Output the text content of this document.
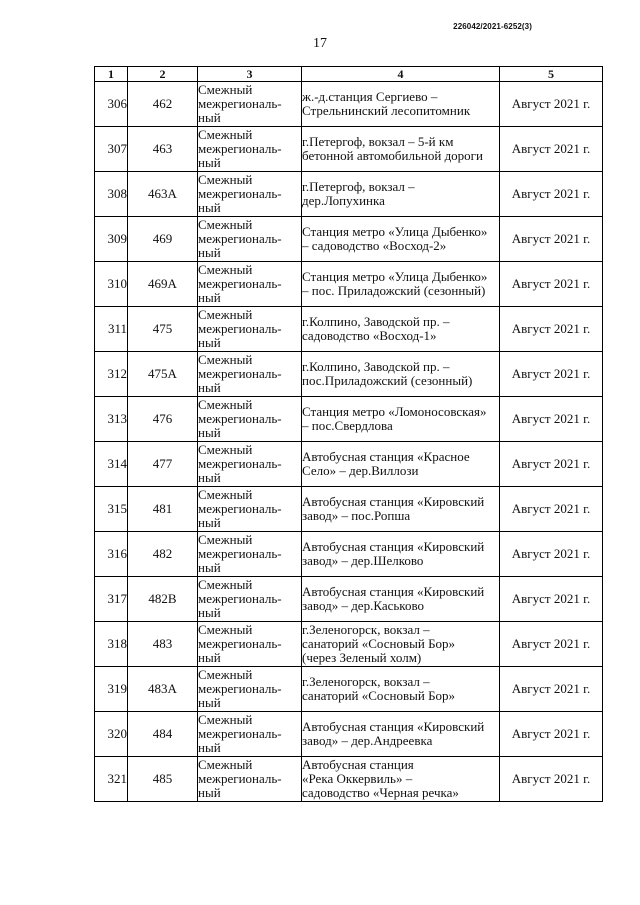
226042/2021-6252(3)
17
1	2	3	4	5
306	462	Смежный
межрегиональ-
ный	ж.-д.станция Сергиево –
Стрельнинский лесопитомник	Август 2021 г.
307	463	Смежный
межрегиональ-
ный	г.Петергоф, вокзал – 5-й км
бетонной автомобильной дороги	Август 2021 г.
308	463А	Смежный
межрегиональ-
ный	г.Петергоф, вокзал –
дер.Лопухинка	Август 2021 г.
309	469	Смежный
межрегиональ-
ный	Станция метро «Улица Дыбенко»
– садоводство «Восход-2»	Август 2021 г.
310	469А	Смежный
межрегиональ-
ный	Станция метро «Улица Дыбенко»
– пос. Приладожский (сезонный)	Август 2021 г.
311	475	Смежный
межрегиональ-
ный	г.Колпино, Заводской пр. –
садоводство «Восход-1»	Август 2021 г.
312	475А	Смежный
межрегиональ-
ный	г.Колпино, Заводской пр. –
пос.Приладожский (сезонный)	Август 2021 г.
313	476	Смежный
межрегиональ-
ный	Станция метро «Ломоносовская»
– пос.Свердлова	Август 2021 г.
314	477	Смежный
межрегиональ-
ный	Автобусная станция «Красное
Село» – дер.Виллози	Август 2021 г.
315	481	Смежный
межрегиональ-
ный	Автобусная станция «Кировский
завод» – пос.Ропша	Август 2021 г.
316	482	Смежный
межрегиональ-
ный	Автобусная станция «Кировский
завод» – дер.Шелково	Август 2021 г.
317	482В	Смежный
межрегиональ-
ный	Автобусная станция «Кировский
завод» – дер.Каськово	Август 2021 г.
318	483	Смежный
межрегиональ-
ный	г.Зеленогорск, вокзал –
санаторий «Сосновый Бор»
(через Зеленый холм)	Август 2021 г.
319	483А	Смежный
межрегиональ-
ный	г.Зеленогорск, вокзал –
санаторий «Сосновый Бор»	Август 2021 г.
320	484	Смежный
межрегиональ-
ный	Автобусная станция «Кировский
завод» – дер.Андреевка	Август 2021 г.
321	485	Смежный
межрегиональ-
ный	Автобусная станция
«Река Оккервиль» –
садоводство «Черная речка»	Август 2021 г.
